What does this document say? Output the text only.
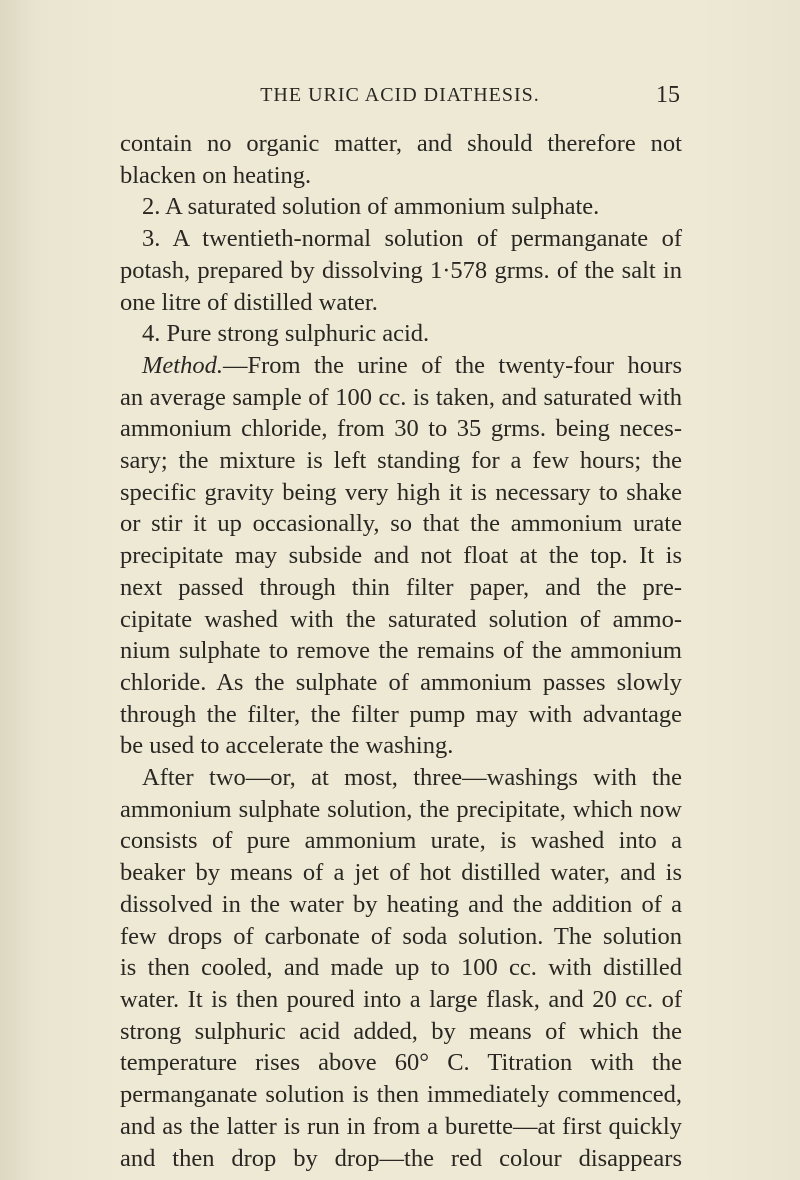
THE URIC ACID DIATHESIS.	15
contain no organic matter, and should therefore not
blacken on heating.
2. A saturated solution of ammonium sulphate.
3. A twentieth-normal solution of permanganate of
potash, prepared by dissolving 1·578 grms. of the salt in
one litre of distilled water.
4. Pure strong sulphuric acid.
Method.—From the urine of the twenty-four hours
an average sample of 100 cc. is taken, and saturated with
ammonium chloride, from 30 to 35 grms. being neces-
sary; the mixture is left standing for a few hours; the
specific gravity being very high it is necessary to shake
or stir it up occasionally, so that the ammonium urate
precipitate may subside and not float at the top. It is
next passed through thin filter paper, and the pre-
cipitate washed with the saturated solution of ammo-
nium sulphate to remove the remains of the ammonium
chloride. As the sulphate of ammonium passes slowly
through the filter, the filter pump may with advantage
be used to accelerate the washing.
After two—or, at most, three—washings with the
ammonium sulphate solution, the precipitate, which now
consists of pure ammonium urate, is washed into a
beaker by means of a jet of hot distilled water, and is
dissolved in the water by heating and the addition of a
few drops of carbonate of soda solution. The solution
is then cooled, and made up to 100 cc. with distilled
water. It is then poured into a large flask, and 20 cc. of
strong sulphuric acid added, by means of which the
temperature rises above 60° C. Titration with the
permanganate solution is then immediately commenced,
and as the latter is run in from a burette—at first quickly
and then drop by drop—the red colour disappears
